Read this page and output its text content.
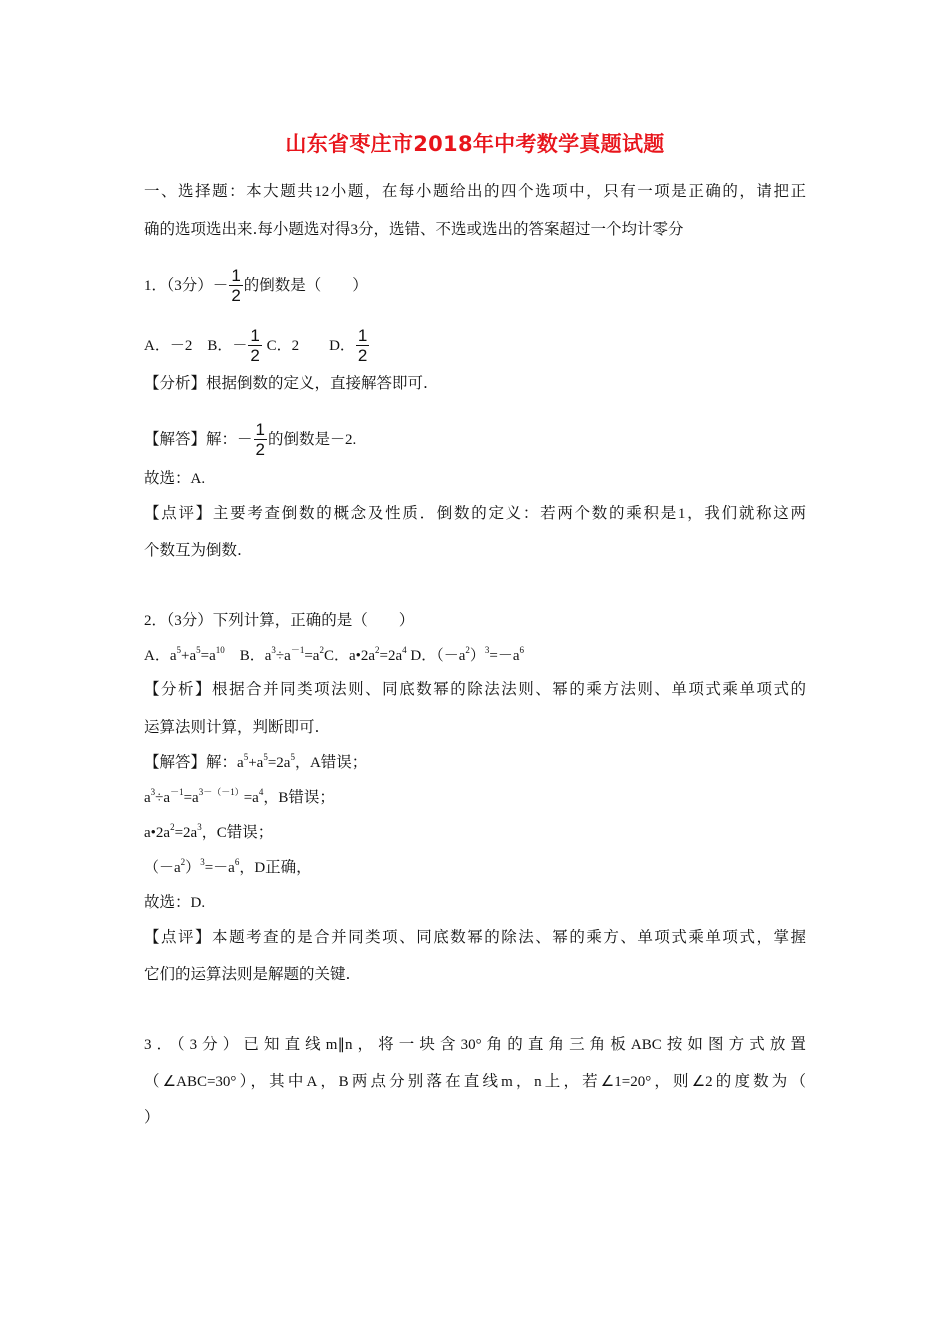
山东省枣庄市2018年中考数学真题试题
一、选择题：本大题共12小题，在每小题给出的四个选项中，只有一项是正确的，请把正
确的选项选出来.每小题选对得3分，选错、不选或选出的答案超过一个均计零分
1．（3分）－ $\frac{1}{2}$ 的倒数是（　　）
A．－2　B．－ $\frac{1}{2}$ C．2　　D． $\frac{1}{2}$
【分析】根据倒数的定义，直接解答即可.
【解答】解：－ $\frac{1}{2}$ 的倒数是－2.
故选：A.
【点评】主要考查倒数的概念及性质．倒数的定义：若两个数的乘积是1，我们就称这两
个数互为倒数.
2．（3分）下列计算，正确的是（　　）
A．$a^5+a^5=a^{10}$　B．$a^3\div a^{-1}=a^2C$．$a•2a^2=2a^4$ D．$(-a^2)^3=-a^6$
【分析】根据合并同类项法则、同底数幂的除法法则、幂的乘方法则、单项式乘单项式的
运算法则计算，判断即可.
【解答】解：$a^5+a^5=2a^5$，A错误；
$a^3\div a^{-1}=a^{3-(-1)}=a^4$，B错误；
$a•2a^2=2a^3$，C错误；
$(-a^2)^3=-a^6$，D正确，
故选：D.
【点评】本题考查的是合并同类项、同底数幂的除法、幂的乘方、单项式乘单项式，掌握
它们的运算法则是解题的关键.
3．（3分）已知直线m∥n，将一块含30°角的直角三角板ABC按如图方式放置
（∠ABC=30°），其中A，B两点分别落在直线m，n上，若∠1=20°，则∠2的度数为（
）
